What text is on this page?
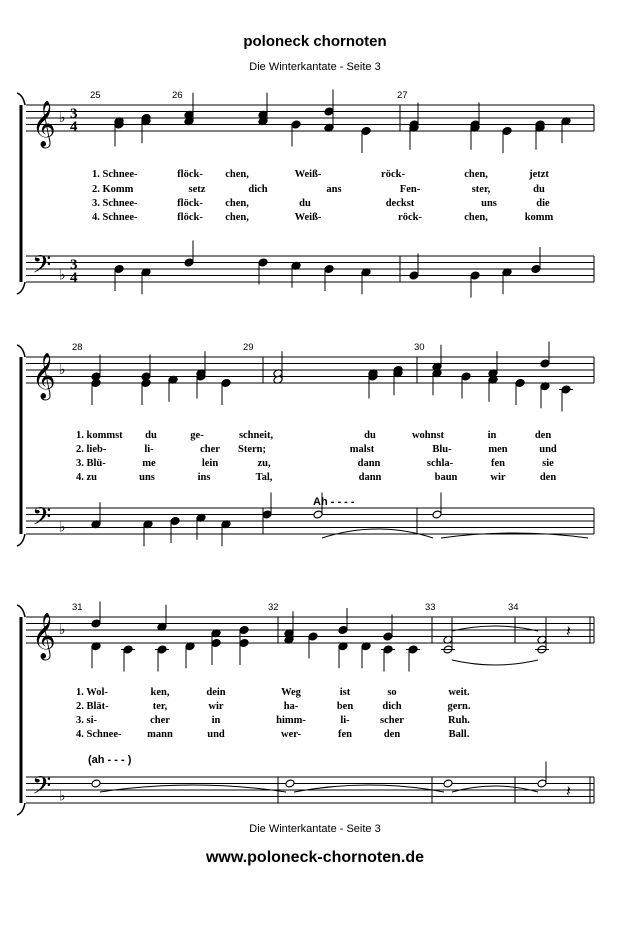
poloneck chornoten
Die Winterkantate - Seite 3
𝄞
𝄢
♭
♭
3
3
4
4
25	26	27
1. Schnee-	flöck- chen,	Weiß-	röck-	chen,	jetzt
2. Komm	setz	dich	ans	Fen-	ster,	du
3. Schnee-	flöck- chen,	du	deckst	uns	die
4. Schnee-	flöck- chen,	Weiß-	röck-	chen,	komm
𝄞
𝄢
♭
♭
28	29	30
1. kommst du	ge-	schneit,	du	wohnst	in	den
2. lieb-	li-	cher Stern;	malst	Blu-	men	und
3. Blü-	me	lein	zu,	dann	schla-	fen	sie
4. zu	uns	ins	Tal,	dann	baun	wir	den
Ah - - - -
𝄞
𝄢
♭
♭
31	32	33	34
𝄽
𝄽
1. Wol-	ken,	dein	Weg	ist	so	weit.
2. Blät-	ter,	wir	ha-	ben	dich	gern.
3. si-	cher	in	himm-	li-	scher	Ruh.
4. Schnee- mann	und	wer-	fen	den	Ball.
(ah - - - )
Die Winterkantate - Seite 3
www.poloneck-chornoten.de
